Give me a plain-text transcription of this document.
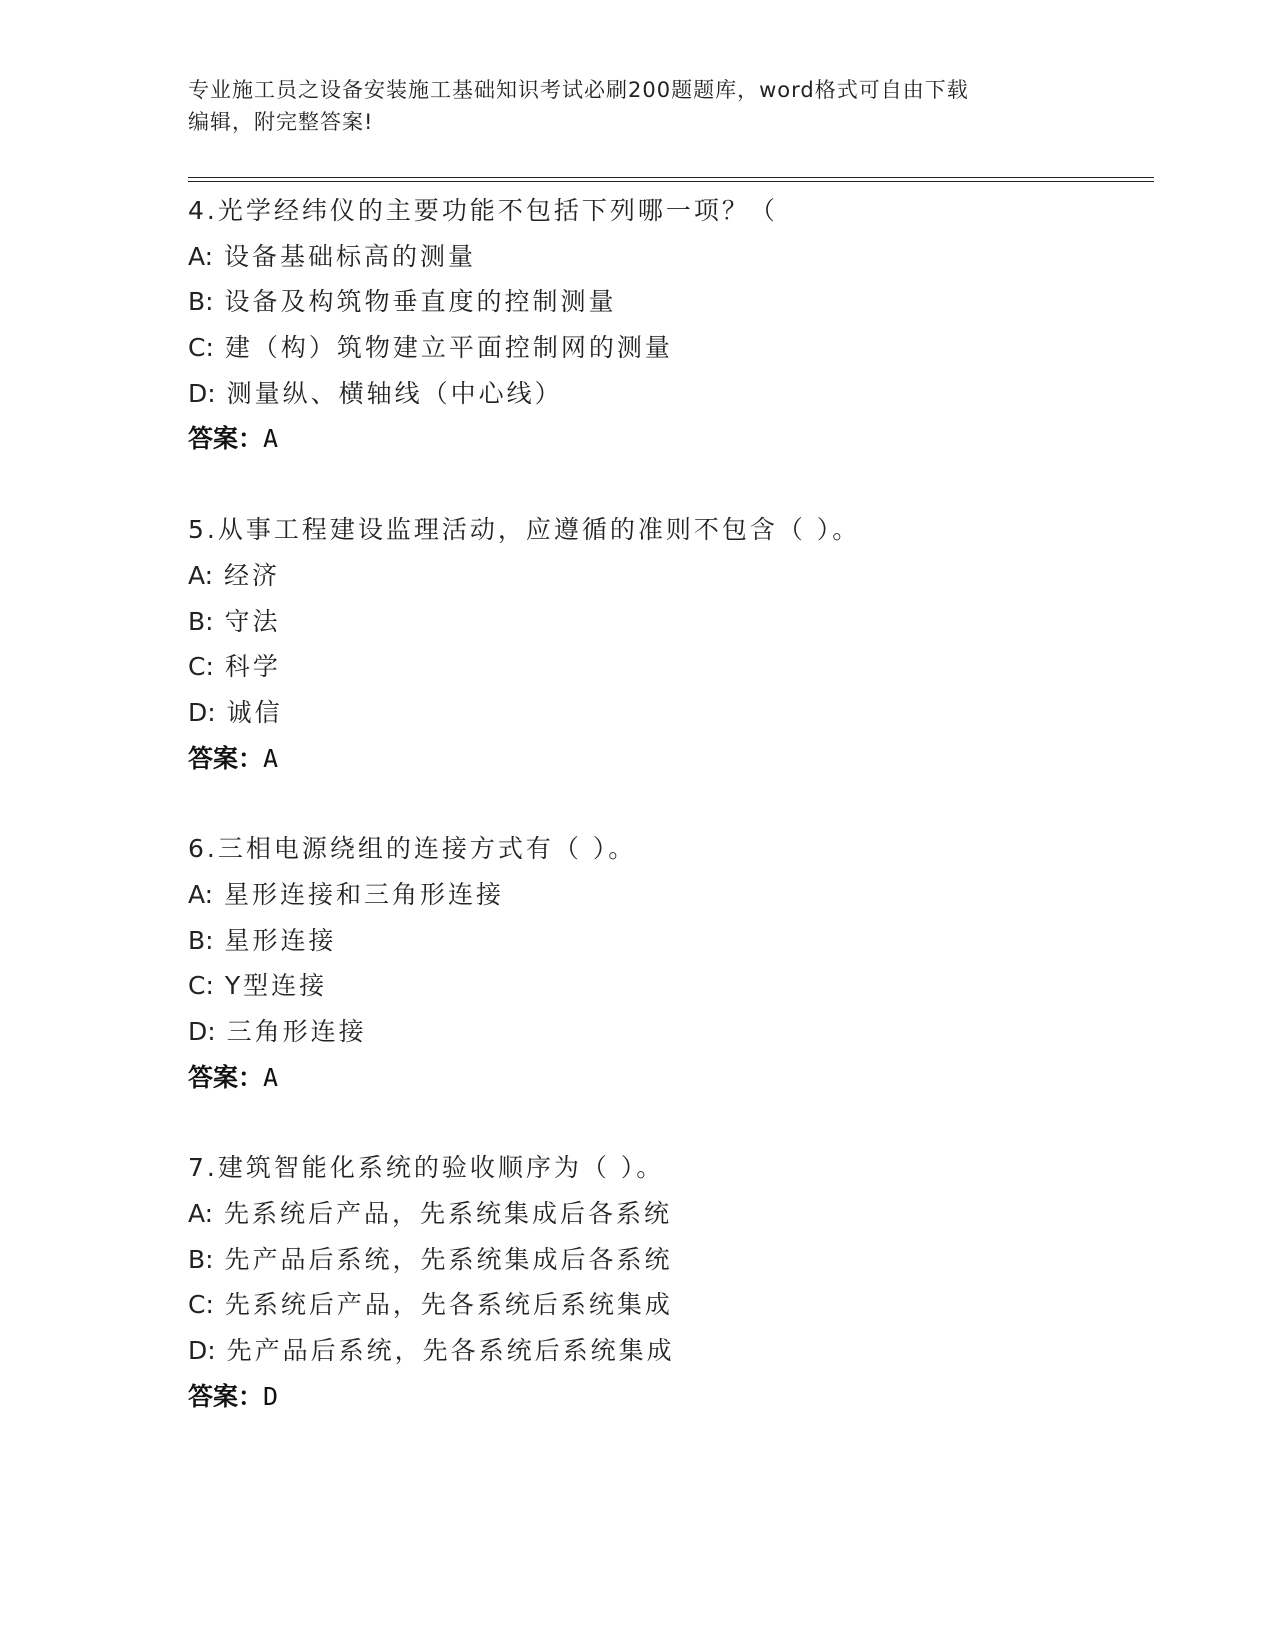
专业施工员之设备安装施工基础知识考试必刷200题题库，word格式可自由下载
编辑，附完整答案!
4.光学经纬仪的主要功能不包括下列哪一项？（
A: 设备基础标高的测量
B: 设备及构筑物垂直度的控制测量
C: 建（构）筑物建立平面控制网的测量
D: 测量纵、横轴线（中心线）
答案：A
5.从事工程建设监理活动，应遵循的准则不包含（ ）。
A: 经济
B: 守法
C: 科学
D: 诚信
答案：A
6.三相电源绕组的连接方式有（ ）。
A: 星形连接和三角形连接
B: 星形连接
C: Y型连接
D: 三角形连接
答案：A
7.建筑智能化系统的验收顺序为（ ）。
A: 先系统后产品，先系统集成后各系统
B: 先产品后系统，先系统集成后各系统
C: 先系统后产品，先各系统后系统集成
D: 先产品后系统，先各系统后系统集成
答案：D
